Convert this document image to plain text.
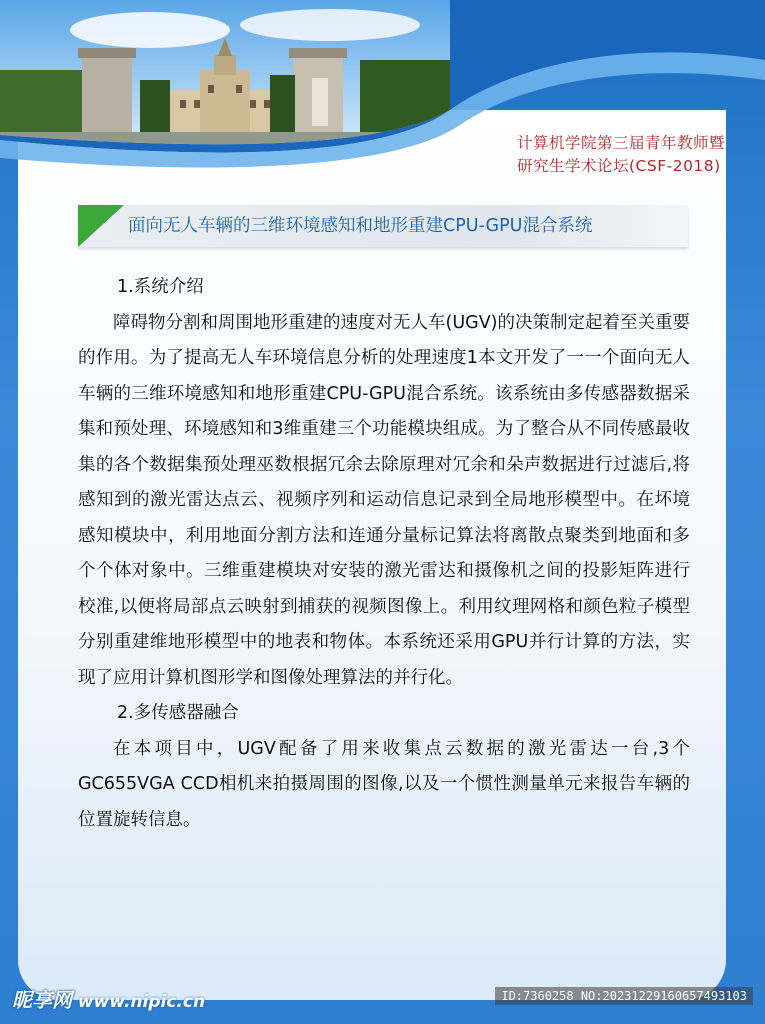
计算机学院第三届青年教师暨
研究生学术论坛(CSF-2018)
面向无人车辆的三维环境感知和地形重建CPU-GPU混合系统

1.系统介绍

障碍物分割和周围地形重建的速度对无人车(UGV)的决策制定起着至关重要的作用。为了提高无人车环境信息分析的处理速度1本文开发了一一个面向无人车辆的三维环境感知和地形重建CPU-GPU混合系统。该系统由多传感器数据采集和预处理、环境感知和3维重建三个功能模块组成。为了整合从不同传感最收集的各个数据集预处理巫数根据冗余去除原理对冗余和朵声数据进行过滤后,将感知到的激光雷达点云、视频序列和运动信息记录到全局地形模型中。在坏境感知模块中，利用地面分割方法和连通分量标记算法将离散点聚类到地面和多个个体对象中。三维重建模块对安装的激光雷达和摄像机之间的投影矩阵进行校准,以便将局部点云映射到捕获的视频图像上。利用纹理网格和颜色粒子模型分别重建维地形模型中的地表和物体。本系统还采用GPU并行计算的方法，实现了应用计算机图形学和图像处理算法的并行化。

2.多传感器融合

在本项目中，UGV配备了用来收集点云数据的激光雷达一台,3个GC655VGA CCD相机来拍摄周围的图像,以及一个惯性测量单元来报告车辆的位置旋转信息。

昵享网 www.nipic.cn	ID:7360258 NO:20231229160657493103
